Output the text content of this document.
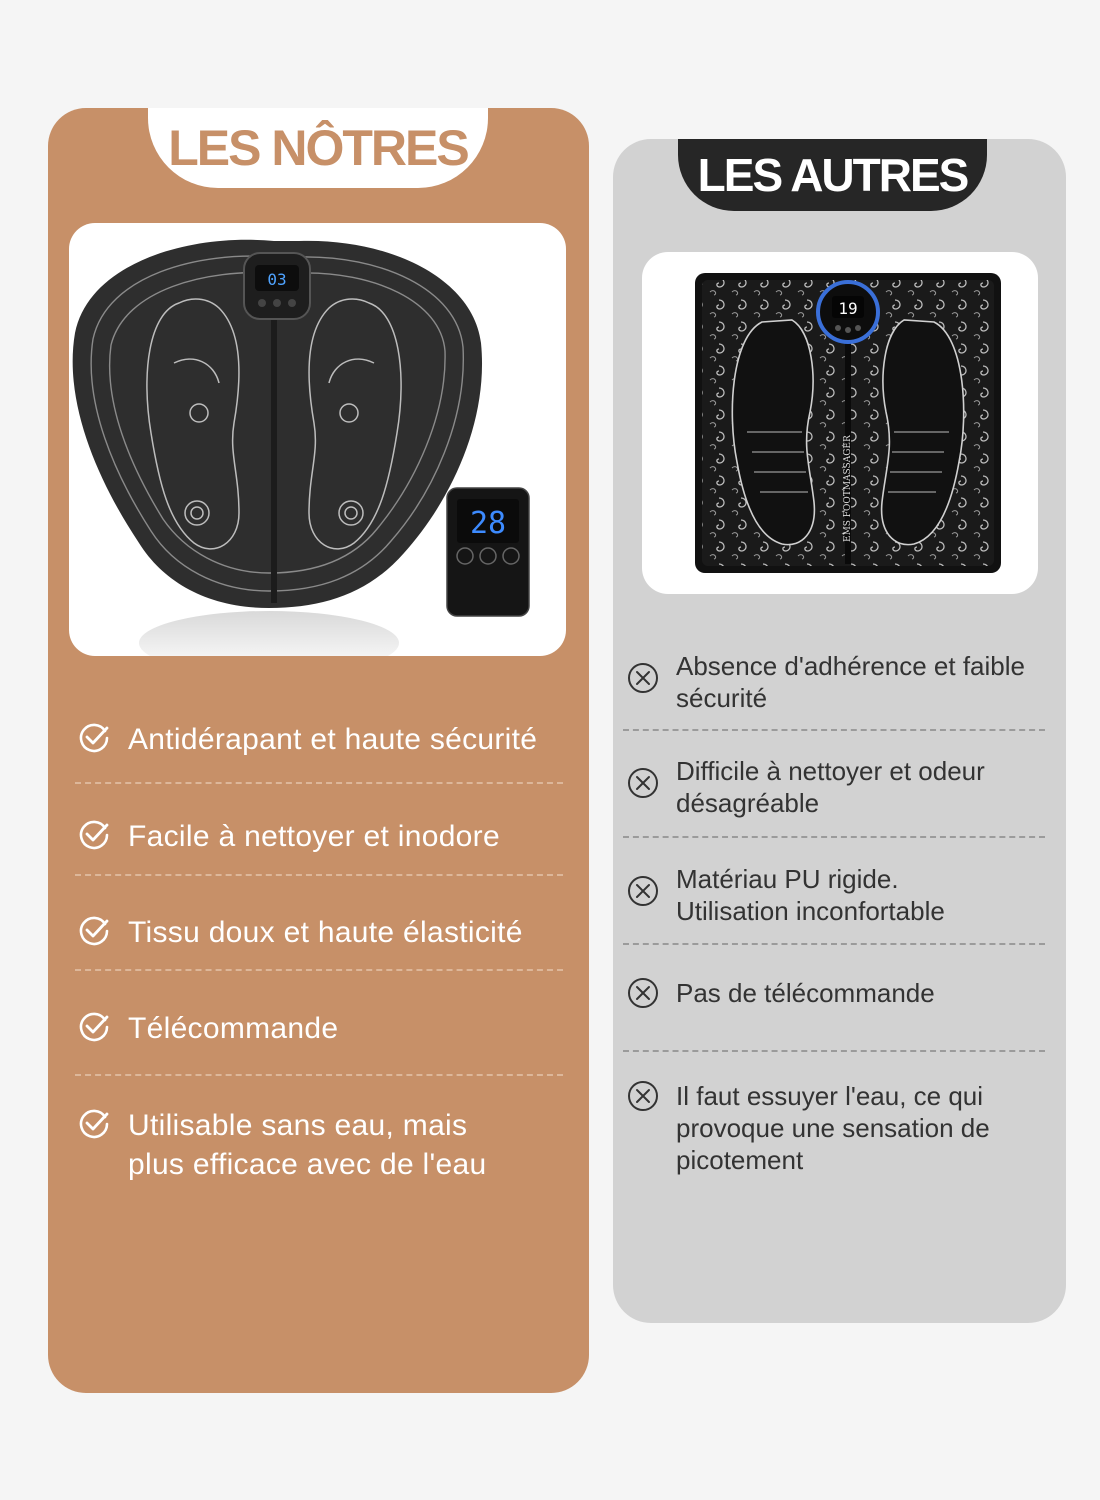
LES NÔTRES
03
28
Antidérapant et haute sécurité
Facile à nettoyer et inodore
Tissu doux et haute élasticité
Télécommande
Utilisable sans eau, mais
plus efficace avec de l'eau
LES AUTRES
EMS FOOTMASSAGER
19
Absence d'adhérence et faible
sécurité
Difficile à nettoyer et odeur
désagréable
Matériau PU rigide.
Utilisation inconfortable
Pas de télécommande
Il faut essuyer l'eau, ce qui
provoque une sensation de
picotement
